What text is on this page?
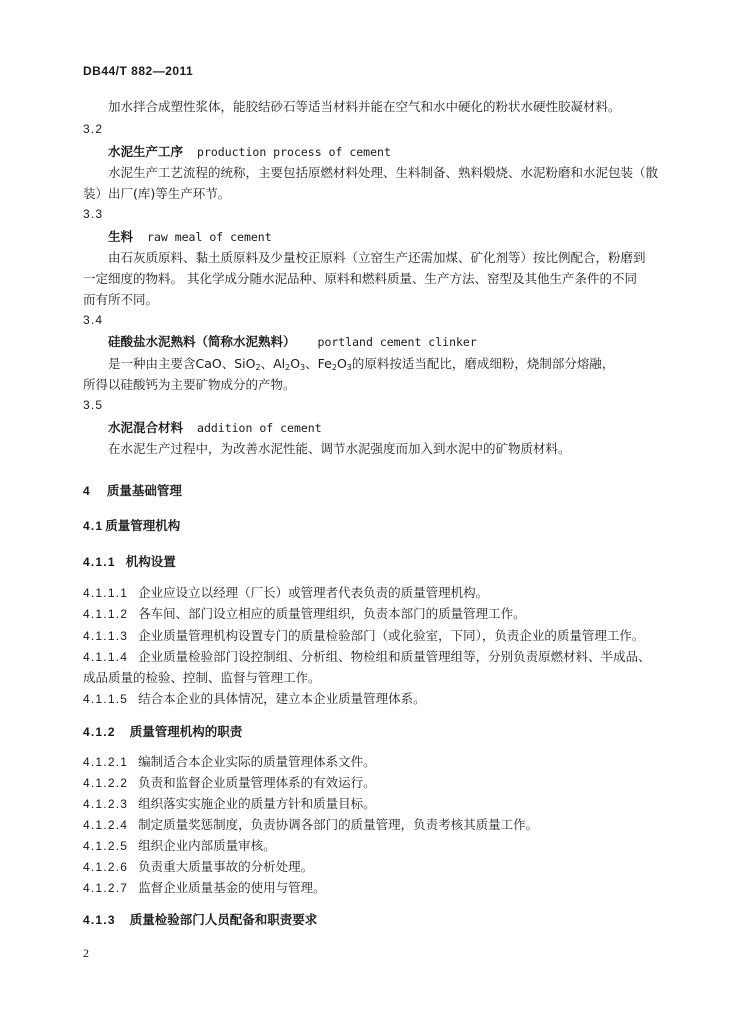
DB44/T 882—2011
加水拌合成塑性浆体，能胶结砂石等适当材料并能在空气和水中硬化的粉状水硬性胶凝材料。
3.2
水泥生产工序 production process of cement
水泥生产工艺流程的统称，主要包括原燃材料处理、生料制备、熟料煅烧、水泥粉磨和水泥包装（散
装）出厂(库)等生产环节。
3.3
生料 raw meal of cement
由石灰质原料、黏土质原料及少量校正原料（立窑生产还需加煤、矿化剂等）按比例配合，粉磨到
一定细度的物料。 其化学成分随水泥品种、原料和燃料质量、生产方法、窑型及其他生产条件的不同
而有所不同。
3.4
硅酸盐水泥熟料（简称水泥熟料） portland cement clinker
是一种由主要含CaO、SiO$_2$、$Al_2O_3$、$Fe_2O_3$的原料按适当配比，磨成细粉，烧制部分熔融，
所得以硅酸钙为主要矿物成分的产物。
3.5
水泥混合材料 addition of cement
在水泥生产过程中，为改善水泥性能、调节水泥强度而加入到水泥中的矿物质材料。
4 质量基础管理
4.1 质量管理机构
4.1.1 机构设置
4.1.1.1 企业应设立以经理（厂长）或管理者代表负责的质量管理机构。
4.1.1.2 各车间、部门设立相应的质量管理组织，负责本部门的质量管理工作。
4.1.1.3 企业质量管理机构设置专门的质量检验部门（或化验室，下同），负责企业的质量管理工作。
4.1.1.4 企业质量检验部门设控制组、分析组、物检组和质量管理组等，分别负责原燃材料、半成品、
成品质量的检验、控制、监督与管理工作。
4.1.1.5 结合本企业的具体情况，建立本企业质量管理体系。
4.1.2 质量管理机构的职责
4.1.2.1 编制适合本企业实际的质量管理体系文件。
4.1.2.2 负责和监督企业质量管理体系的有效运行。
4.1.2.3 组织落实实施企业的质量方针和质量目标。
4.1.2.4 制定质量奖惩制度，负责协调各部门的质量管理，负责考核其质量工作。
4.1.2.5 组织企业内部质量审核。
4.1.2.6 负责重大质量事故的分析处理。
4.1.2.7 监督企业质量基金的使用与管理。
4.1.3 质量检验部门人员配备和职责要求
2
